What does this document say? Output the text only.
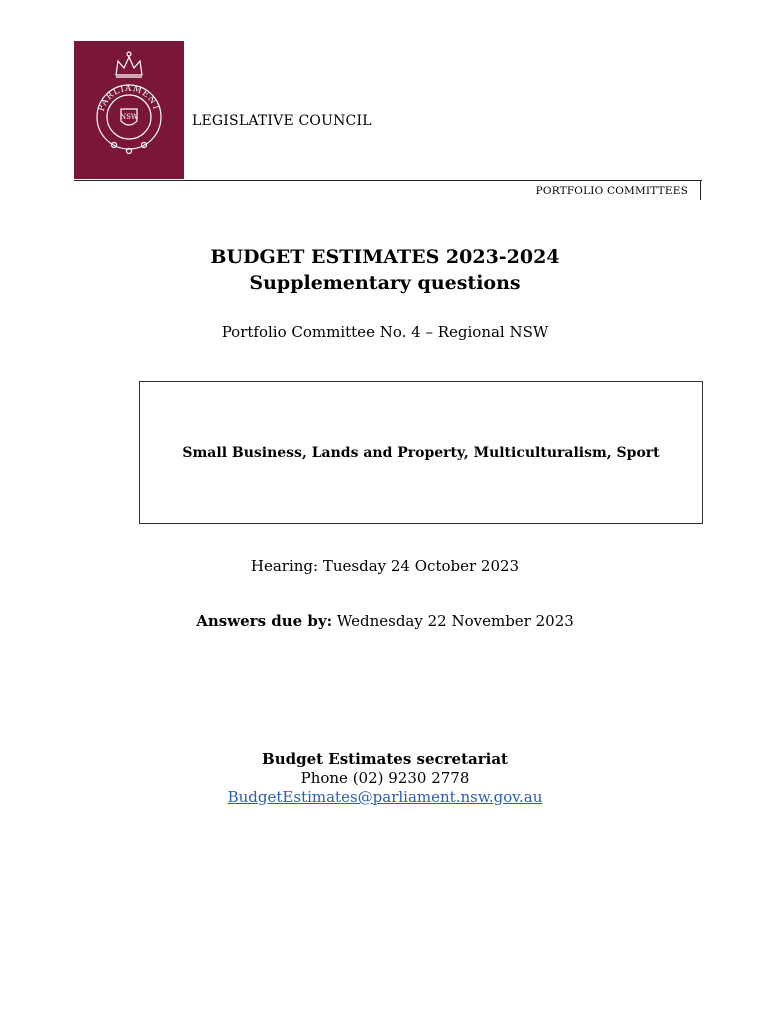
PARLIAMENT
NSW	LEGISLATIVE COUNCIL
PORTFOLIO COMMITTEES
BUDGET ESTIMATES 2023-2024
Supplementary questions
Portfolio Committee No. 4 – Regional NSW
Small Business, Lands and Property, Multiculturalism, Sport
Hearing: Tuesday 24 October 2023
Answers due by: Wednesday 22 November 2023
Budget Estimates secretariat
Phone (02) 9230 2778
BudgetEstimates@parliament.nsw.gov.au
